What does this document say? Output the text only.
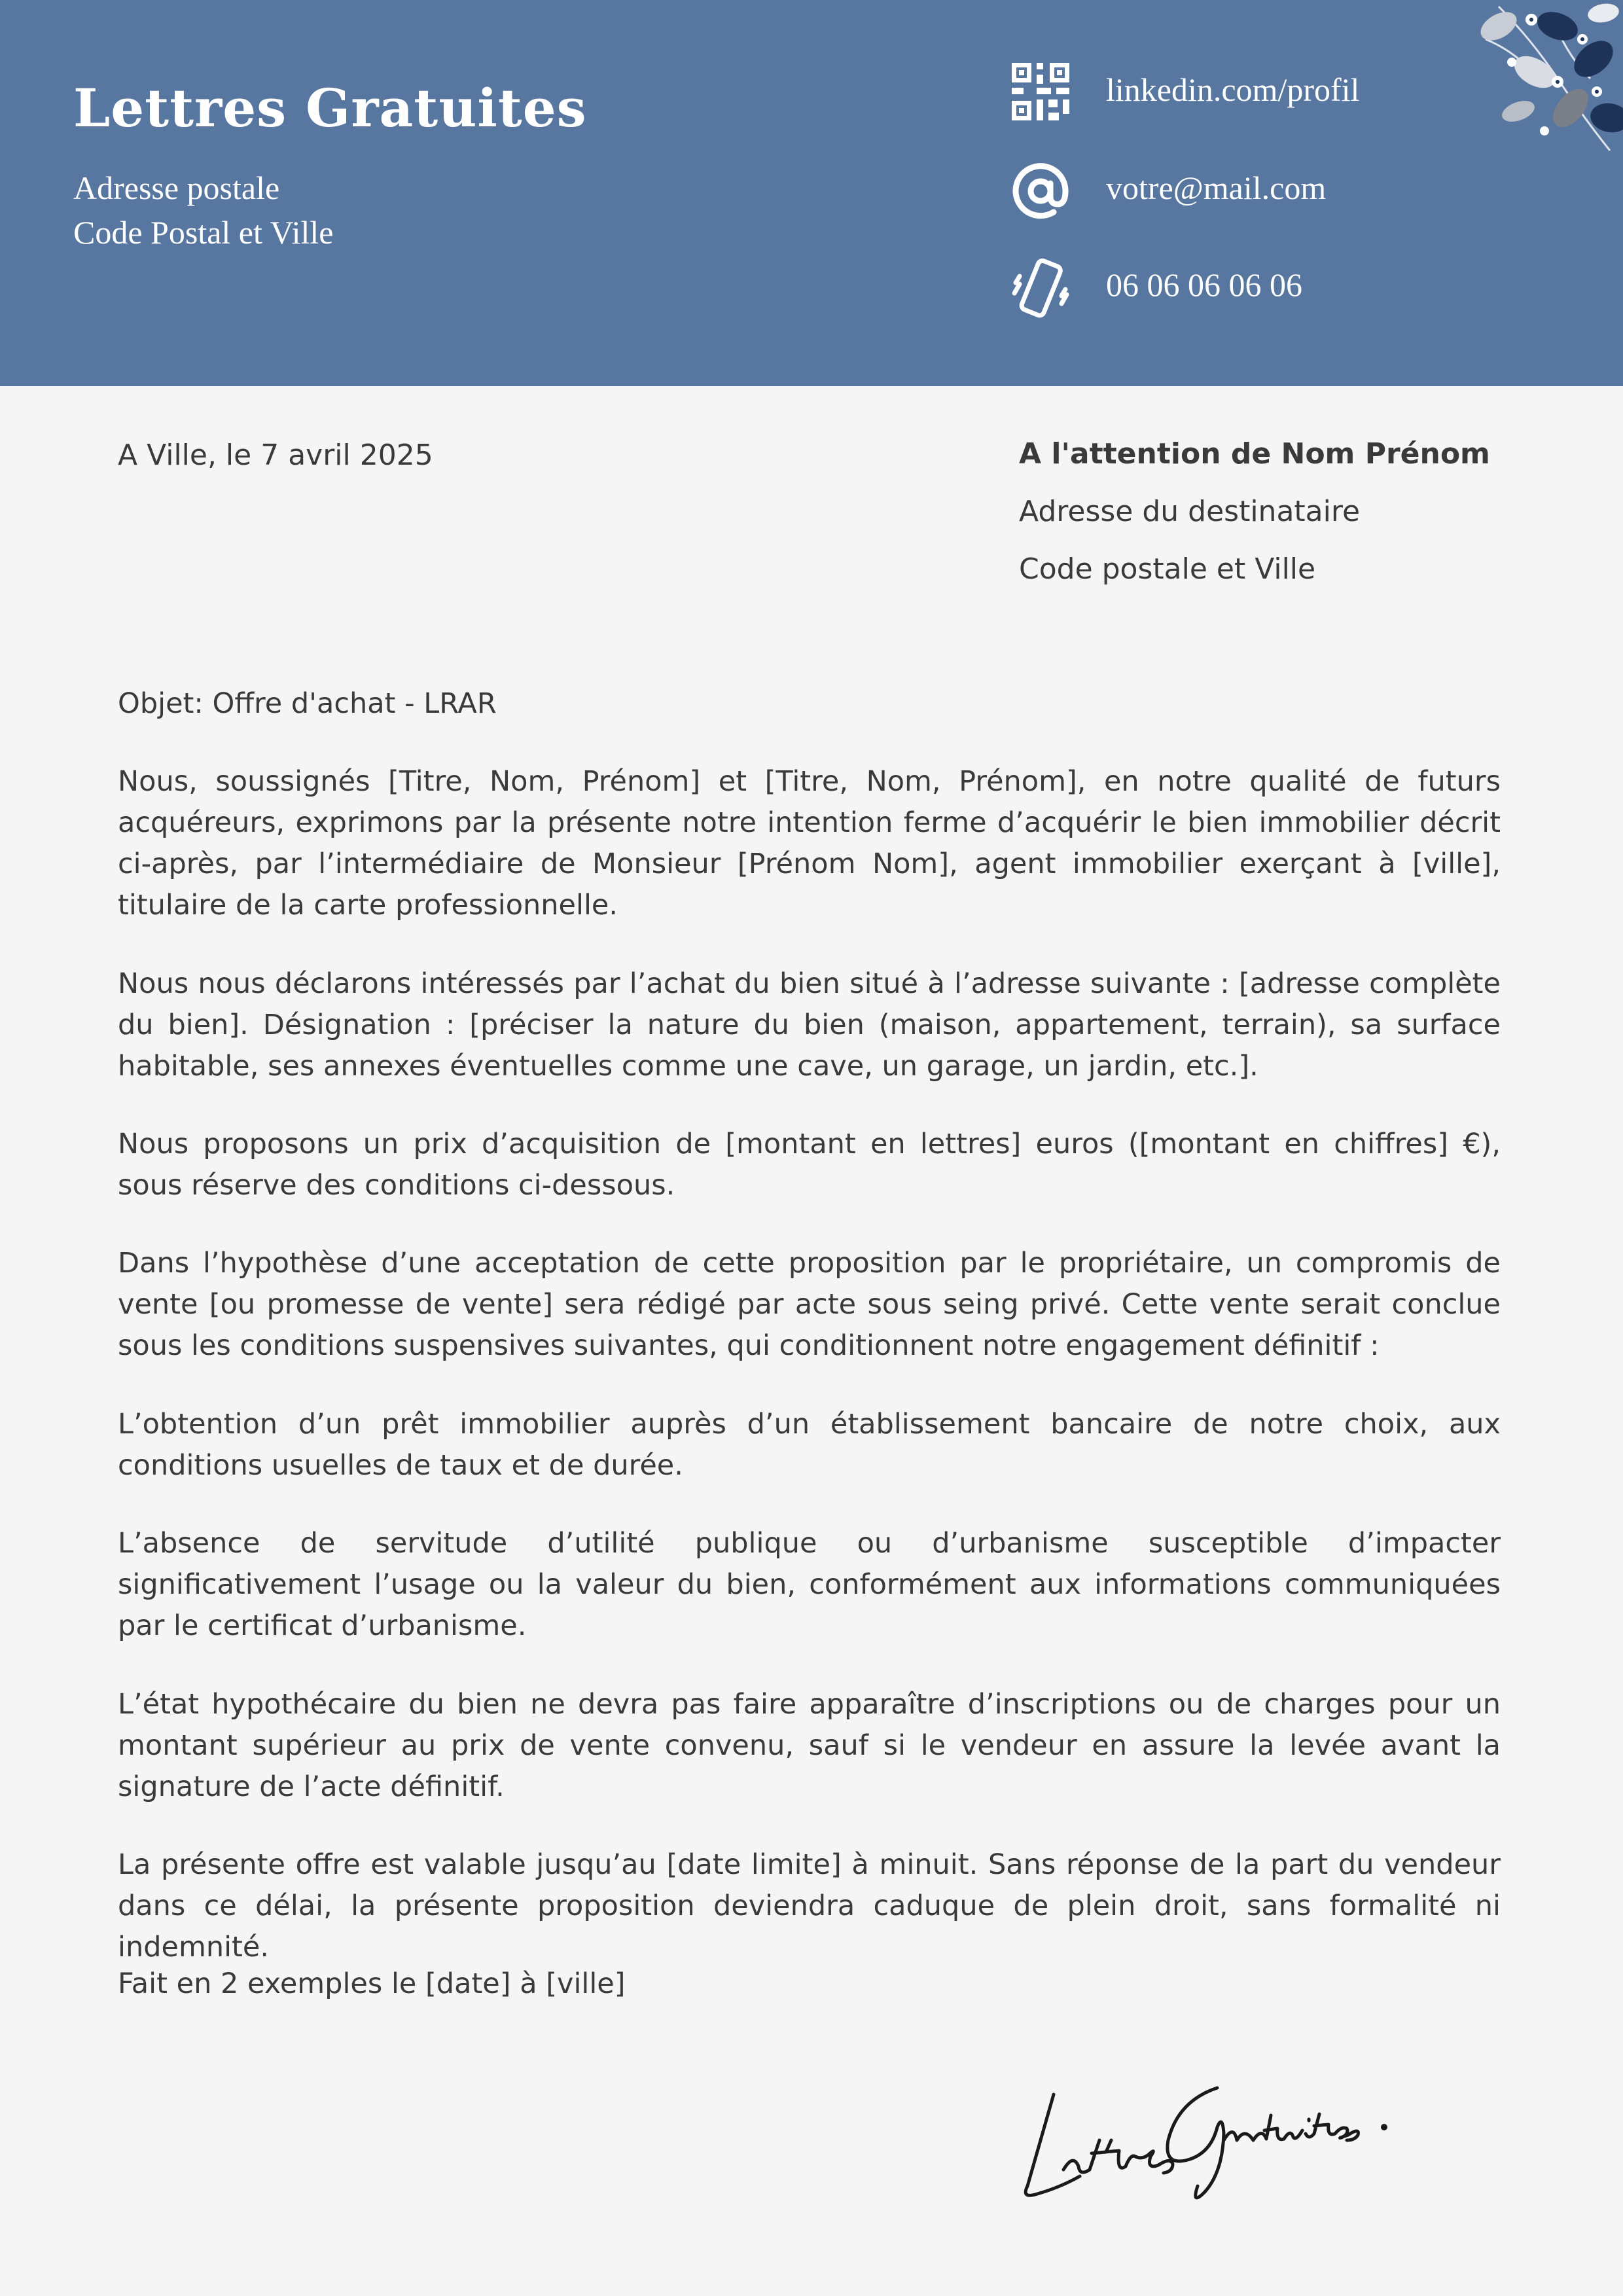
Lettres Gratuites
Adresse postale
Code Postal et Ville
linkedin.com/profil
votre@mail.com
06 06 06 06 06
A Ville, le 7 avril 2025	A l'attention de Nom Prénom
Adresse du destinataire
Code postale et Ville

Objet: Offre d'achat - LRAR

Nous, soussignés [Titre, Nom, Prénom] et [Titre, Nom, Prénom], en notre qualité de futurs acquéreurs, exprimons par la présente notre intention ferme d’acquérir le bien immobilier décrit ci-après, par l’intermédiaire de Monsieur [Prénom Nom], agent immobilier exerçant à [ville], titulaire de la carte professionnelle.

Nous nous déclarons intéressés par l’achat du bien situé à l’adresse suivante : [adresse complète du bien]. Désignation : [préciser la nature du bien (maison, appartement, terrain), sa surface habitable, ses annexes éventuelles comme une cave, un garage, un jardin, etc.].

Nous proposons un prix d’acquisition de [montant en lettres] euros ([montant en chiffres] €), sous réserve des conditions ci-dessous.

Dans l’hypothèse d’une acceptation de cette proposition par le propriétaire, un compromis de vente [ou promesse de vente] sera rédigé par acte sous seing privé. Cette vente serait conclue sous les conditions suspensives suivantes, qui conditionnent notre engagement définitif :

L’obtention d’un prêt immobilier auprès d’un établissement bancaire de notre choix, aux conditions usuelles de taux et de durée.

L’absence de servitude d’utilité publique ou d’urbanisme susceptible d’impacter significativement l’usage ou la valeur du bien, conformément aux informations communiquées par le certificat d’urbanisme.

L’état hypothécaire du bien ne devra pas faire apparaître d’inscriptions ou de charges pour un montant supérieur au prix de vente convenu, sauf si le vendeur en assure la levée avant la signature de l’acte définitif.

La présente offre est valable jusqu’au [date limite] à minuit. Sans réponse de la part du vendeur dans ce délai, la présente proposition deviendra caduque de plein droit, sans formalité ni indemnité.

Fait en 2 exemples le [date] à [ville]
